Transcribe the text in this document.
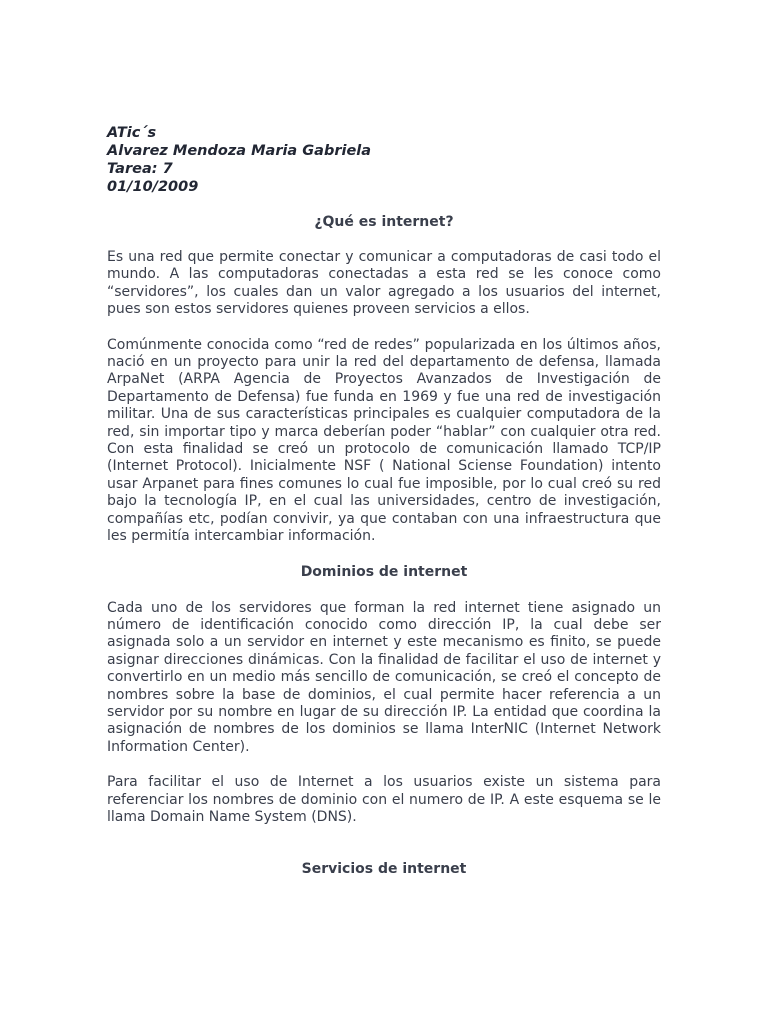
ATic´s

Alvarez Mendoza Maria Gabriela

Tarea: 7

01/10/2009

¿Qué es internet?

Es una red que permite conectar y comunicar a computadoras de casi todo el mundo. A las computadoras conectadas a esta red se les conoce como “servidores”, los cuales dan un valor agregado a los usuarios del internet, pues son estos servidores quienes proveen servicios a ellos.

Comúnmente conocida como “red de redes” popularizada en los últimos años, nació en un proyecto para unir la red del departamento de defensa, llamada ArpaNet (ARPA Agencia de Proyectos Avanzados de Investigación de Departamento de Defensa) fue funda en 1969 y fue una red de investigación militar. Una de sus características principales es cualquier computadora de la red, sin importar tipo y marca deberían poder “hablar” con cualquier otra red. Con esta finalidad se creó un protocolo de comunicación llamado TCP/IP (Internet Protocol). Inicialmente NSF ( National Sciense Foundation) intento usar Arpanet para fines comunes lo cual fue imposible, por lo cual creó su red bajo la tecnología IP, en el cual las universidades, centro de investigación, compañías etc, podían convivir, ya que contaban con una infraestructura que les permitía intercambiar información.

Dominios de internet

Cada uno de los servidores que forman la red internet tiene asignado un número de identificación conocido como dirección IP, la cual debe ser asignada solo a un servidor en internet y este mecanismo es finito, se puede asignar direcciones dinámicas. Con la finalidad de facilitar el uso de internet y convertirlo en un medio más sencillo de comunicación, se creó el concepto de nombres sobre la base de dominios, el cual permite hacer referencia a un servidor por su nombre en lugar de su dirección IP. La entidad que coordina la asignación de nombres de los dominios se llama InterNIC (Internet Network Information Center).

Para facilitar el uso de Internet a los usuarios existe un sistema para referenciar los nombres de dominio con el numero de IP. A este esquema se le llama Domain Name System (DNS).

Servicios de internet
